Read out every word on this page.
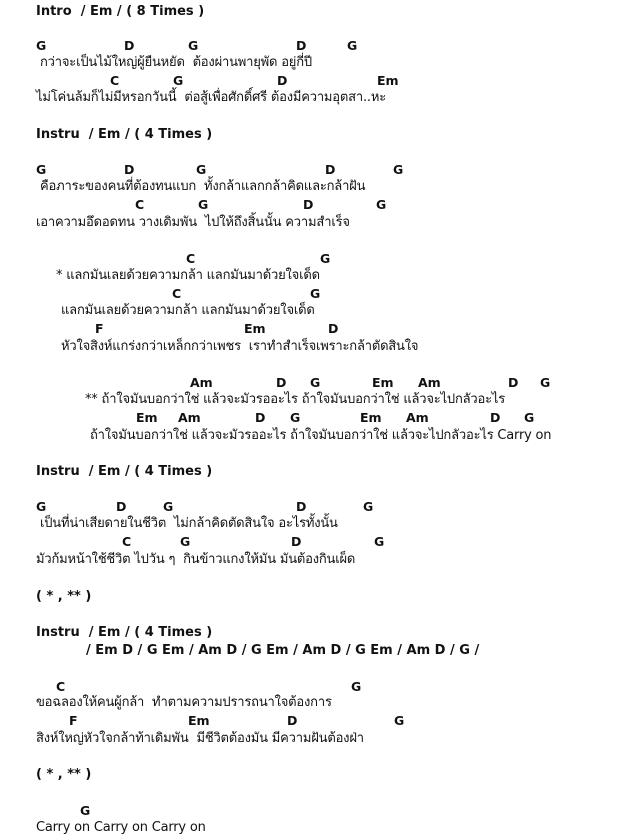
Intro  / Em / ( 8 Times )
G	D	G	D	G
กว่าจะเป็นไม้ใหญ่ผู้ยืนหยัด  ต้องผ่านพายุพัด อยู่กี่ปี
C	G	D	Em
ไม่โค่นล้มก็ไม่มีหรอกวันนี้  ต่อสู้เพื่อศักดิ์ศรี ต้องมีความอุตสา..หะ
Instru  / Em / ( 4 Times )
G	D	G	D	G
คือภาระของคนที่ต้องทนแบก  ทั้งกล้าแลกกล้าคิดและกล้าฝัน
C	G	D	G
เอาความอึดอดทน วางเดิมพัน  ไปให้ถึงสิ้นนั้น ความสำเร็จ
C	G
* แลกมันเลยด้วยความกล้า แลกมันมาด้วยใจเด็ด
C	G
แลกมันเลยด้วยความกล้า แลกมันมาด้วยใจเด็ด
F	Em	D
หัวใจสิงห์แกร่งกว่าเหล็กกว่าเพชร  เราทำสำเร็จเพราะกล้าตัดสินใจ
Am	D G	Em Am	D G
** ถ้าใจมันบอกว่าใช่ แล้วจะมัวรออะไร ถ้าใจมันบอกว่าใช่ แล้วจะไปกลัวอะไร
Em Am	D G	Em Am	D G
ถ้าใจมันบอกว่าใช่ แล้วจะมัวรออะไร ถ้าใจมันบอกว่าใช่ แล้วจะไปกลัวอะไร Carry on
Instru  / Em / ( 4 Times )
G	D	G	D	G
เป็นที่น่าเสียดายในชีวิต  ไม่กล้าคิดตัดสินใจ อะไรทั้งนั้น
C	G	D	G
มัวก้มหน้าใช้ชีวิต ไปวัน ๆ  กินข้าวแกงให้มัน มันต้องกินเผ็ด
( * , ** )
Instru  / Em / ( 4 Times )
/ Em D / G Em / Am D / G Em / Am D / G Em / Am D / G /
C	G
ขอฉลองให้คนผู้กล้า  ทำตามความปรารถนาใจต้องการ
F	Em	D	G
สิงห์ใหญ่หัวใจกล้าท้าเดิมพัน  มีชีวิตต้องมัน มีความฝันต้องฝ่า
( * , ** )
G
Carry on Carry on Carry on
